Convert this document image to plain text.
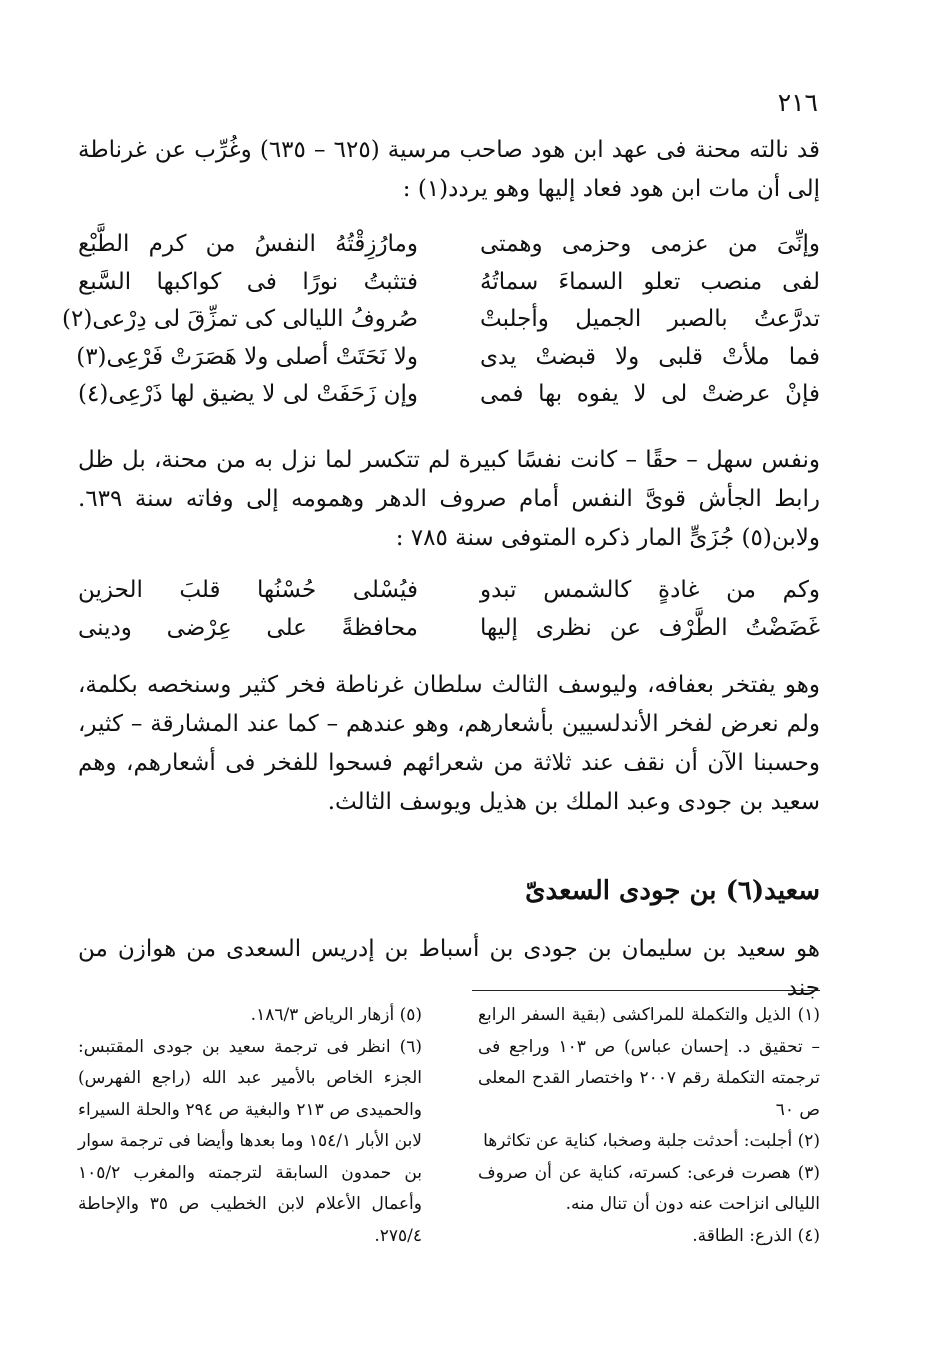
٢١٦

قد نالته محنة فى عهد ابن هود صاحب مرسية (٦٢٥ – ٦٣٥) وغُرِّب عن غرناطة إلى أن مات ابن هود فعاد إليها وهو يردد(١) :

وإنِّىَ من عزمى وحزمى وهمتى
ومارُزِقْتُهُ النفسُ من كرم الطَّبْع
لفى منصب تعلو السماءَ سماتُهُ
فتثبتُ نورًا فى كواكبها السَّبع
تدرَّعتُ بالصبر الجميل وأجلبتْ
صُروفُ الليالى كى تمزِّقَ لى دِرْعى(٢)
فما ملأتْ قلبى ولا قبضتْ يدى
ولا نَحَتَتْ أصلى ولا هَصَرَتْ فَرْعِى(٣)
فإنْ عرضتْ لى لا يفوه بها فمى
وإن زَحَفَتْ لى لا يضيق لها ذَرْعِى(٤)

ونفس سهل – حقًا – كانت نفسًا كبيرة لم تتكسر لما نزل به من محنة، بل ظل رابط الجأش قوىَّ النفس أمام صروف الدهر وهمومه إلى وفاته سنة ٦٣٩. ولابن(٥) جُزَىٍّ المار ذكره المتوفى سنة ٧٨٥ :

وكم من غادةٍ كالشمس تبدو
فيُسْلى حُسْنُها قلبَ الحزين
غَضَضْتُ الطَّرْف عن نظرى إليها
محافظةً على عِرْضى ودينى

وهو يفتخر بعفافه، وليوسف الثالث سلطان غرناطة فخر كثير وسنخصه بكلمة، ولم نعرض لفخر الأندلسيين بأشعارهم، وهو عندهم – كما عند المشارقة – كثير، وحسبنا الآن أن نقف عند ثلاثة من شعرائهم فسحوا للفخر فى أشعارهم، وهم سعيد بن جودى وعبد الملك بن هذيل ويوسف الثالث.

سعيد(٦) بن جودى السعدىّ

هو سعيد بن سليمان بن جودى بن أسباط بن إدريس السعدى من هوازن من جند

(١) الذيل والتكملة للمراكشى (بقية السفر الرابع – تحقيق د. إحسان عباس) ص ١٠٣ وراجع فى ترجمته التكملة رقم ٢٠٠٧ واختصار القدح المعلى ص ٦٠
(٢) أجلبت: أحدثت جلبة وصخبا، كناية عن تكاثرها
(٣) هصرت فرعى: كسرته، كناية عن أن صروف الليالى انزاحت عنه دون أن تنال منه.
(٤) الذرع: الطاقة.
(٥) أزهار الرياض ١٨٦/٣.
(٦) انظر فى ترجمة سعيد بن جودى المقتبس: الجزء الخاص بالأمير عبد الله (راجع الفهرس) والحميدى ص ٢١٣ والبغية ص ٢٩٤ والحلة السيراء لابن الأبار ١٥٤/١ وما بعدها وأيضا فى ترجمة سوار بن حمدون السابقة لترجمته والمغرب ١٠٥/٢ وأعمال الأعلام لابن الخطيب ص ٣٥ والإحاطة ٢٧٥/٤.
